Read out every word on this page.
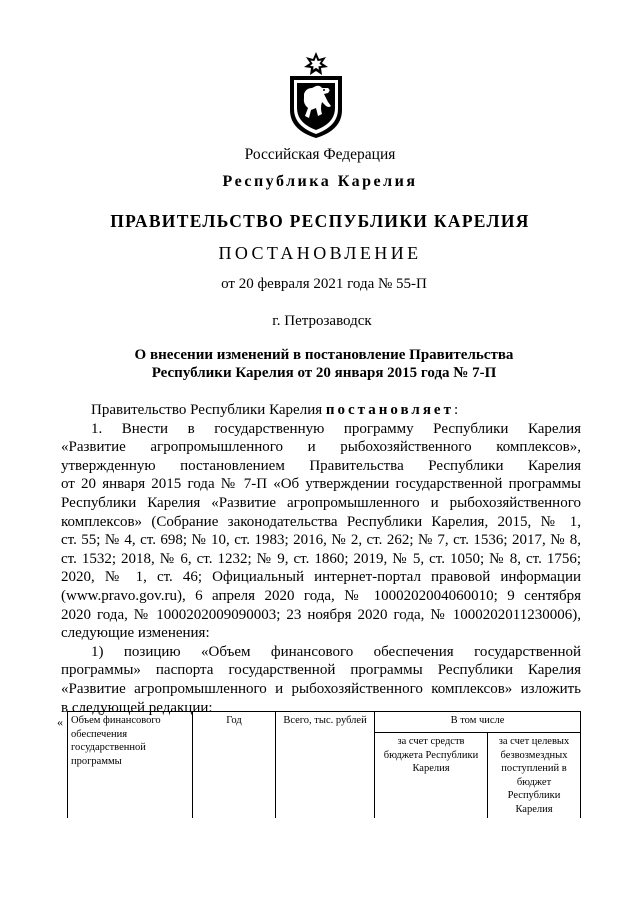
Российская Федерация
Республика Карелия
ПРАВИТЕЛЬСТВО РЕСПУБЛИКИ КАРЕЛИЯ
ПОСТАНОВЛЕНИЕ
от 20 февраля 2021 года № 55-П
г. Петрозаводск
О внесении изменений в постановление Правительства
Республики Карелия от 20 января 2015 года № 7-П
Правительство Республики Карелия постановляет:
1. Внести в государственную программу Республики Карелия
«Развитие агропромышленного и рыбохозяйственного комплексов»,
утвержденную постановлением Правительства Республики Карелия
от 20 января 2015 года № 7-П «Об утверждении государственной программы
Республики Карелия «Развитие агропромышленного и рыбохозяйственного
комплексов» (Собрание законодательства Республики Карелия, 2015, № 1,
ст. 55; № 4, ст. 698; № 10, ст. 1983; 2016, № 2, ст. 262; № 7, ст. 1536; 2017, № 8,
ст. 1532; 2018, № 6, ст. 1232; № 9, ст. 1860; 2019, № 5, ст. 1050; № 8, ст. 1756;
2020, № 1, ст. 46; Официальный интернет-портал правовой информации
(www.pravo.gov.ru), 6 апреля 2020 года, № 1000202004060010; 9 сентября
2020 года, № 1000202009090003; 23 ноября 2020 года, № 1000202011230006),
следующие изменения:
1) позицию «Объем финансового обеспечения государственной
программы» паспорта государственной программы Республики Карелия
«Развитие агропромышленного и рыбохозяйственного комплексов» изложить
в следующей редакции:
« Объем финансового обеспечения государственной программы	Год	Всего, тыс. рублей	В том числе	
			за счет средств бюджета Республики Карелия	за счет целевых безвозмездных поступлений в бюджет Республики Карелия
